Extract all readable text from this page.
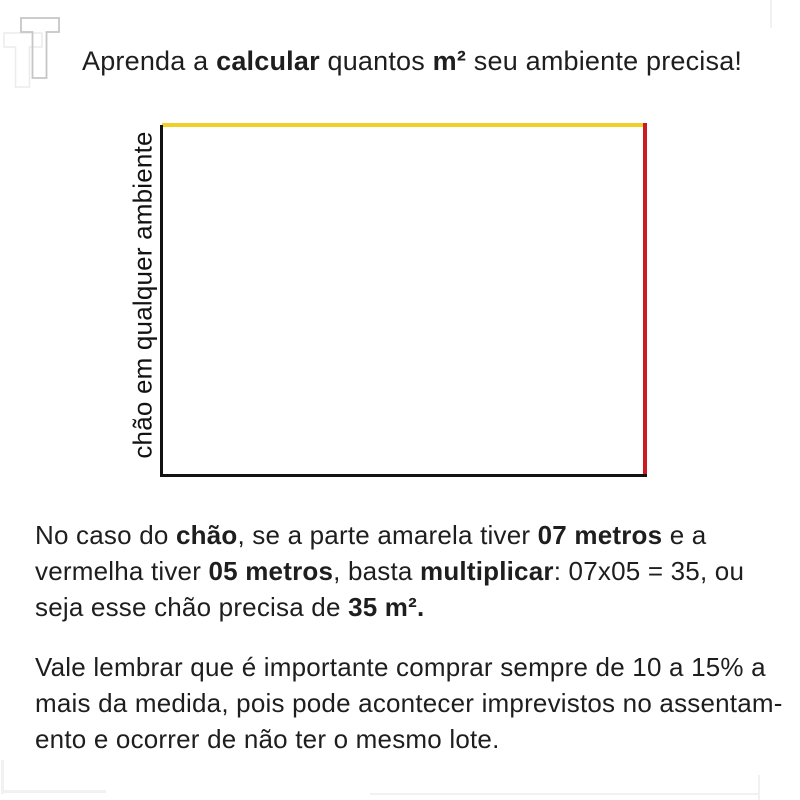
Aprenda a calcular quantos m² seu ambiente precisa!
chão em qualquer ambiente
No caso do chão, se a parte amarela tiver 07 metros e a
vermelha tiver 05 metros, basta multiplicar: 07x05 = 35, ou
seja esse chão precisa de 35 m².
Vale lembrar que é importante comprar sempre de 10 a 15% a
mais da medida, pois pode acontecer imprevistos no assentam-
ento e ocorrer de não ter o mesmo lote.
